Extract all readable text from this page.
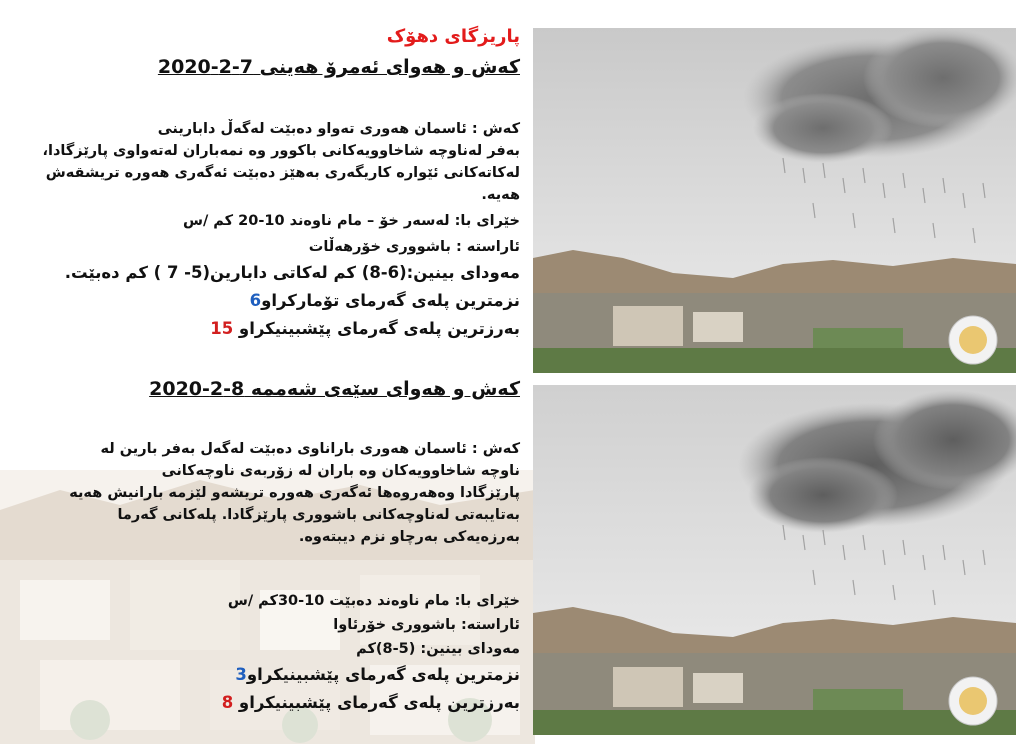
پاریزگای دهۆک
کەش و هەوای ئەمرۆ هەینی 7-2-2020
کەش : ئاسمان هەوری تەواو دەبێت لەگەڵ دابارینی
بەفر لەناوچە شاخاوویەکانی باکوور وە نمەباران لەتەواوی پارێزگادا،
لەکاتەکانی ئێوارە کاریگەری بەهێز دەبێت ئەگەری هەورە تریشقەش
هەیە.
خێرای با: لەسەر خۆ – مام ناوەند 10-20 کم /س
ئاراستە : باشووری خۆرهەڵات
مەودای بینین:(6-8) کم لەکاتی دابارین(5- 7 ) کم دەبێت.
نزمترین پلەی گەرمای تۆمارکراو6
بەرزترین پلەی گەرمای پێشبینیکراو 15
کەش و هەوای سێەی شەممە 8-2-2020
کەش : ئاسمان هەوری باراناوی دەبێت لەگەل بەفر بارین لە
ناوچە شاخاوویەکان وە باران لە زۆربەی ناوچەکانی
پارێزگادا وەهەروەها ئەگەری هەورە تریشەو لێزمە بارانیش هەیە
بەتایبەتی لەناوچەکانی باشووری پارێزگادا. پلەکانی گەرما
بەرزەیەکی بەرچاو نزم دیبتەوە.
خێرای با: مام ناوەند دەبێت 10-30کم /س
ئاراستە: باشووری خۆرئاوا
مەودای بینین: (5-8)کم
نزمترین پلەی گەرمای پێشبینیکراو3
بەرزترین پلەی گەرمای پێشبینیکراو 8
